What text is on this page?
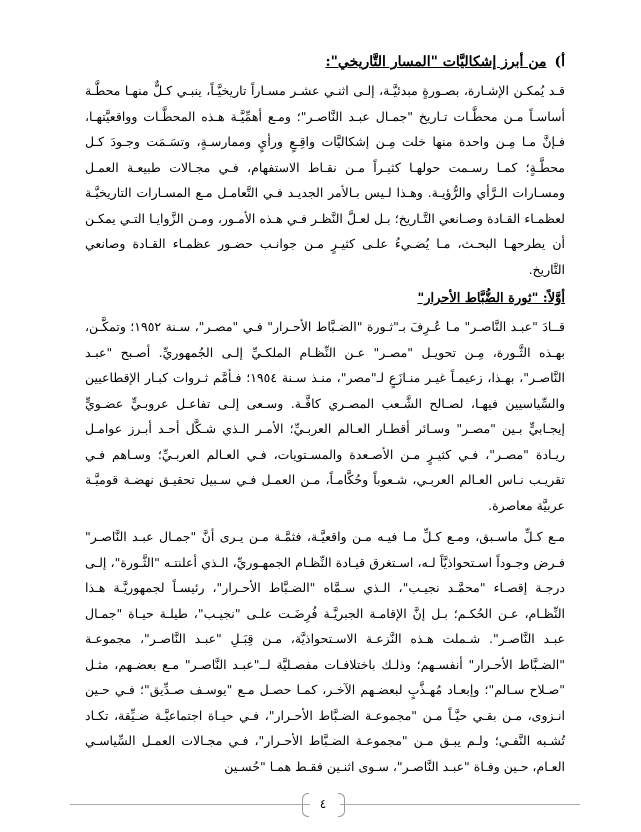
أ)من أبرز إشكاليَّات "المسار التَّاريخي":

قـد يُمكـن الإشـارة، بصـورةٍ مبدئيَّـة، إلـى اثنـي عشـر مسـاراً تاريخيَّـاً، ينبـي كـلٌّ منهـا محطَّـة أساسـاً مـن محطَّـات تـاريخ "جمـال عبـد النَّاصـر"؛ ومـع أهمِّيَّـة هـذه المحطَّـات وواقعيَّتهـا، فـإنَّ مـا مِـن واحدة منها خلت مِـن إشكاليَّات واقِـعٍ ورأيٍ وممارسـةٍ، وتسَـمَت وجـودَ كـل محطَّـةٍ؛ كمـا رسـمت حولهـا كثيـراً مـن نقـاط الاستفهام، فـي مجـالات طبيعـة العمـل ومسـارات الـرَّأي والرُّؤيـة. وهـذا لـيس بـالأمر الجديـد فـي التَّعامـل مـع المسـارات التاريخيَّـة لعظمـاء القـادة وصـانعي التَّـاريخ؛ بـل لعـلَّ النَّظـر فـي هـذه الأمـور، ومـن الزَّوايـا التـي يمكـن أن يطرحهـا البحـث، مـا يُضـيءُ علـى كثيـرٍ مـن جوانـب حضـور عظمـاء القـادة وصانعي التَّاريخ.

أوَّلاً: "ثورة الضُّبَّاط الأحرار"

قــادَ "عبـد النَّاصـر" مـا عُـرِفَ بـ"ثـورة "الضـبَّاط الأحـرار" فـي "مصـر"، سـنة ١٩٥٢؛ وتمكَّـن، بهـذه الثَّـورة، مِـن تحويـل "مصـر" عـن النِّظـام الملكـيِّ إلـى الجُمهوريِّ. أصـبح "عبـد النَّاصـر"، بهـذا، زعيمـاً غيـر منـازَعٍ لـ"مصر"، منـذ سـنة ١٩٥٤؛ فـأمَّم ثـروات كبـار الإقطاعيين والسِّياسيين فيهـا، لصـالح الشَّـعب المصـري كافَّـة. وسـعى إلـى تفاعـل عروبـيٍّ عضـويٍّ إيجـابيٍّ بـين "مصـر" وسـائر أقطـار العـالم العربـيِّ؛ الأمـر الـذي شـكَّل أحـد أبـرز عوامـل ريـادة "مصـر"، فـي كثيـرٍ مـن الأصـعدة والمسـتويات، فـي العـالم العربـيِّ؛ وسـاهم فـي تقريـب نـاس العـالم العربـي، شـعوباً وحُكَّامـاً، مـن العمـل فـي سـبيل تحقيـق نهضـة قوميَّـة عربيَّة معاصرة.

مـع كـلِّ ماسـبق، ومـع كـلِّ مـا فيـه مـن واقعيَّـة، فثمَّـة مـن يـرى أنَّ "جمـال عبـد النَّاصـر" فـرض وجـوداً اسـتحواذيَّاً لـه، اسـتغرق قيـادة النِّظـام الجمهـوريِّ، الـذي أعلنتـه "الثَّـورة"، إلـى درجـة إقصـاء "محمَّـد نجيـب"، الـذي سـمَّاه "الضـبَّاط الأحـرار"، رئيسـاً لجمهوريَّـة هـذا النِّظـام، عـن الحُكـم؛ بـل إنَّ الإقامـة الجبريَّـة فُرِضَـت علـى "نجيـب"، طيلـة حيـاة "جمـال عبـد النَّاصـر". شـملت هـذه النَّزعـة الاسـتحواذيَّة، مـن قِبَـلِ "عبـد النَّاصـر"، مجموعـة "الضـبَّاط الأحـرار" أنفسـهم؛ وذلـك باختلافـات مفصـليَّة لــ"عبـد النَّاصـر" مـع بعضـهم، مثـل "صـلاح سـالم"؛ وإبعـاد مُهـذَّبٍ لبعضـهم الآخـر، كمـا حصـل مـع "يوسـف صـدِّيق"؛ فـي حـين انـزوى، مـن بقـي حيَّـاً مـن "مجموعـة الضـبَّاط الأحـرار"، فـي حيـاة اجتماعيَّـة ضـيِّقة، تكـاد تُشـبه النَّفـي؛ ولـم يبـق مـن "مجموعـة الضـبَّاط الأحـرار"، فـي مجـالات العمـل السِّياسـي العـام، حـين وفـاة "عبـد النَّاصـر"، سـوى اثنـين فقـط همـا "حُسـين

٤
